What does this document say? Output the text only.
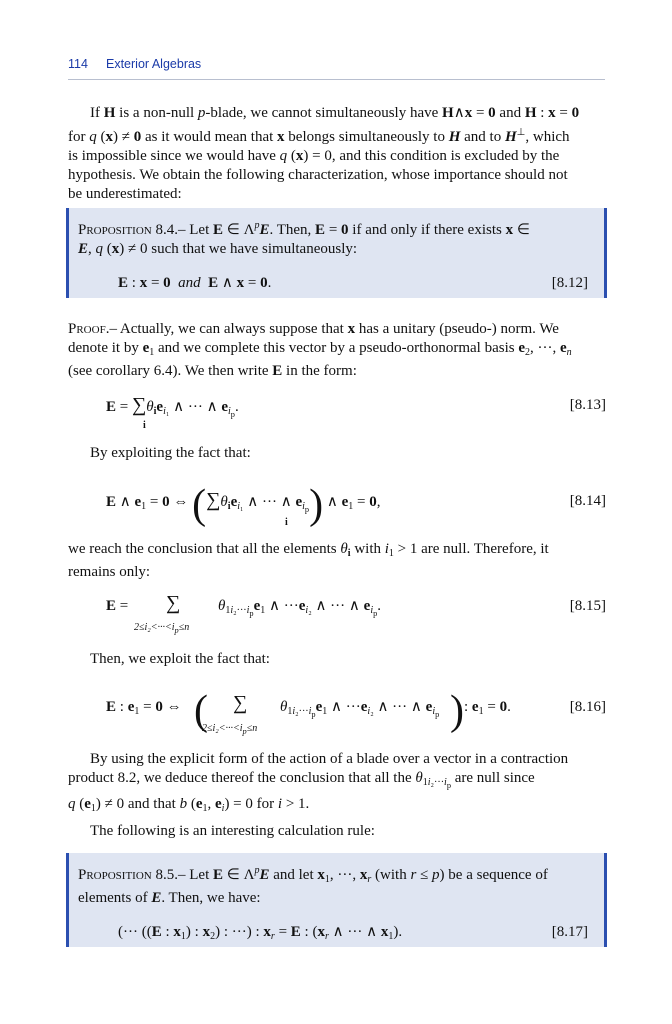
114 Exterior Algebras
If H is a non-null p-blade, we cannot simultaneously have H∧x = 0 and H : x = 0
for q (x) ≠ 0 as it would mean that x belongs simultaneously to H and to H⊥, which
is impossible since we would have q (x) = 0, and this condition is excluded by the
hypothesis. We obtain the following characterization, whose importance should not
be underestimated:
Proposition 8.4.– Let E ∈ $\Lambda^pE$. Then, E = 0 if and only if there exists x ∈
E, q (x) ≠ 0 such that we have simultaneously:
E : x = 0 and E ∧ x = 0.	[8.12]
Proof.– Actually, we can always suppose that x has a unitary (pseudo-) norm. We
denote it by $e_1$ and we complete this vector by a pseudo-orthonormal basis $e_2$, ···, $e_n$
(see corollary 6.4). We then write E in the form:
$E = \sum\theta_ie_{i_1}$ ∧ ··· ∧ $e_{i_p}$.
i
[8.13]
By exploiting the fact that:
E ∧ $e_1 = 0$ ⇔ ($\sum\theta_ie_{i_1}$ ∧ ··· ∧ $e_{i_p}$) ∧ $e_1 = 0$,
i
[8.14]
we reach the conclusion that all the elements $\theta_i$ with $i_1 > 1$ are null. Therefore, it
remains only:
E = ∑	$\theta_{1i_2\cdot\cdot\cdot i_p}e_1$ ∧ $\cdot\cdot\cdot e_{i_2}$ ∧ ··· ∧ $e_{i_p}$.
$2\le i_2<\cdot\cdot\cdot<i_p\le n$
[8.15]
Then, we exploit the fact that:
E : $e_1 = 0$ ⇔ ( ∑ $\theta_{1i_2\cdot\cdot\cdot i_p}e_1$ ∧ $\cdot\cdot\cdot e_{i_2}$ ∧ ··· ∧ $e_{i_p}$ ) : $e_1 = 0$.
$2\le i_2<\cdot\cdot\cdot<i_p\le n$
[8.16]
By using the explicit form of the action of a blade over a vector in a contraction
product 8.2, we deduce thereof the conclusion that all the $\theta_{1i_2\cdot\cdot\cdot i_p}$ are null since
q $(e_1) \ne 0$ and that b ($e_1$, $e_i) = 0$ for i > 1.
The following is an interesting calculation rule:
Proposition 8.5.– Let E ∈ $\Lambda^pE$ and let $x_1$, ···, $x_r$ (with r ≤ p) be a sequence of
elements of E. Then, we have:
(··· ((E : $x_1$) : $x_2$) : ···) : $x_r = E$ : ($x_r$ ∧ ··· ∧ $x_1$).	[8.17]
